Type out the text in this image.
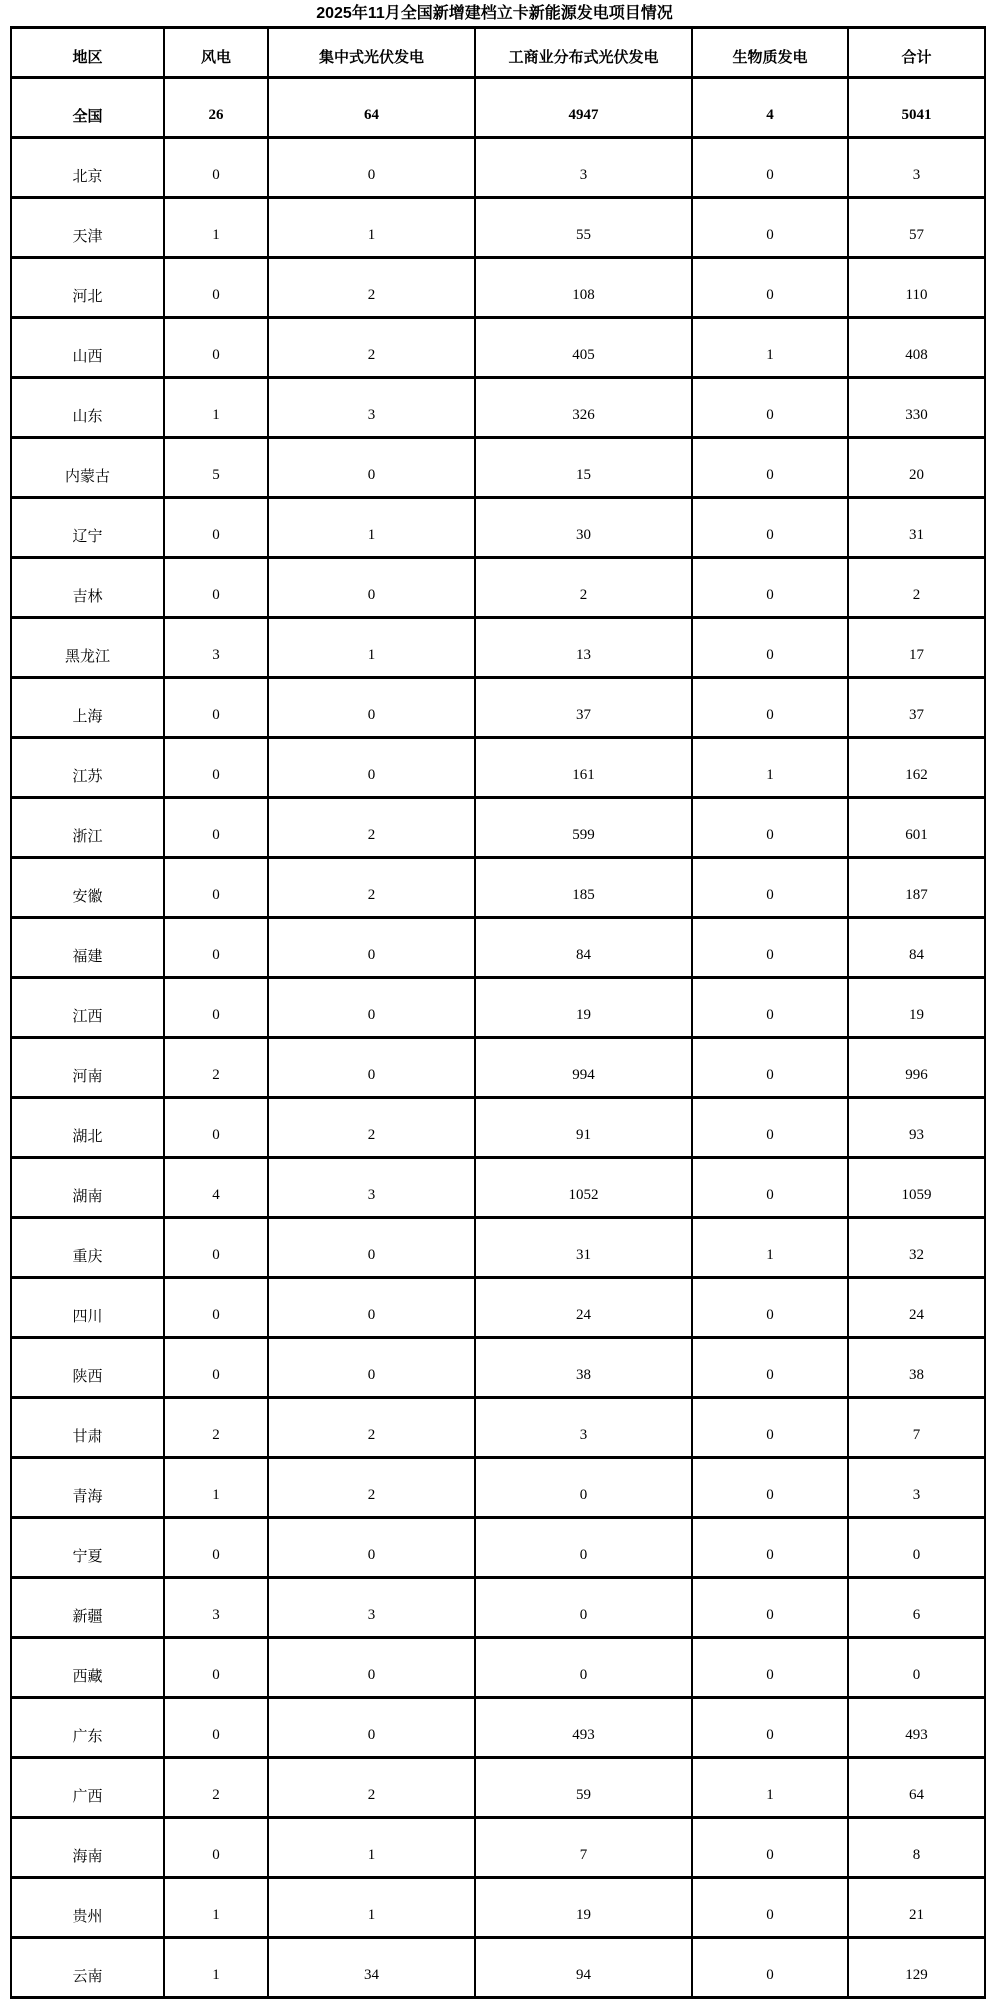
2025年11月全国新增建档立卡新能源发电项目情况
地区	风电	集中式光伏发电	工商业分布式光伏发电	生物质发电	合计
全国	26	64	4947	4	5041
北京	0	0	3	0	3
天津	1	1	55	0	57
河北	0	2	108	0	110
山西	0	2	405	1	408
山东	1	3	326	0	330
内蒙古	5	0	15	0	20
辽宁	0	1	30	0	31
吉林	0	0	2	0	2
黑龙江	3	1	13	0	17
上海	0	0	37	0	37
江苏	0	0	161	1	162
浙江	0	2	599	0	601
安徽	0	2	185	0	187
福建	0	0	84	0	84
江西	0	0	19	0	19
河南	2	0	994	0	996
湖北	0	2	91	0	93
湖南	4	3	1052	0	1059
重庆	0	0	31	1	32
四川	0	0	24	0	24
陕西	0	0	38	0	38
甘肃	2	2	3	0	7
青海	1	2	0	0	3
宁夏	0	0	0	0	0
新疆	3	3	0	0	6
西藏	0	0	0	0	0
广东	0	0	493	0	493
广西	2	2	59	1	64
海南	0	1	7	0	8
贵州	1	1	19	0	21
云南	1	34	94	0	129
